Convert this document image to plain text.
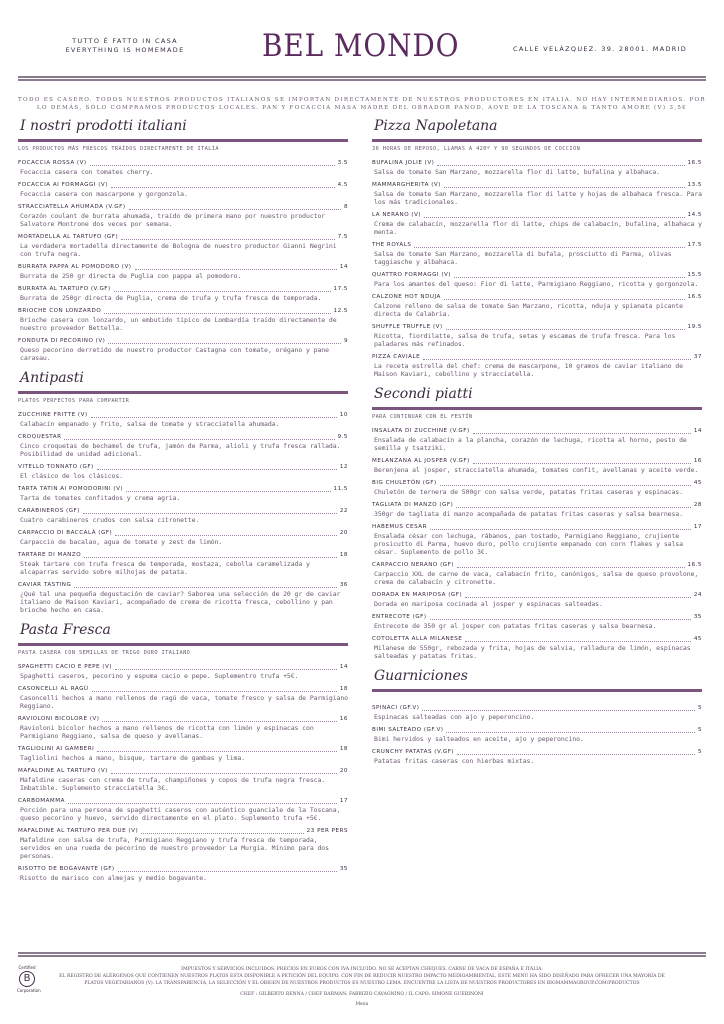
TUTTO È FATTO IN CASA
EVERYTHING IS HOMEMADE	BEL MONDO	CALLE VELÁZQUEZ. 39. 28001. MADRID
TODO ES CASERO. TODOS NUESTROS PRODUCTOS ITALIANOS SE IMPORTAN DIRECTAMENTE DE NUESTROS PRODUCTORES EN ITALIA. NO HAY INTERMEDIARIOS. POR LO DEMÁS, SÓLO COMPRAMOS PRODUCTOS LOCALES. PAN Y FOCACCIA MASA MADRE DEL OBRADOR PANOD, AOVE DE LA TOSCANA & TANTO AMORE (V) 3,5€
I nostri prodotti italiani
LOS PRODUCTOS MÁS FRESCOS TRAÍDOS DIRECTAMENTE DE ITALIA
FOCACCIA ROSSA (V)	3.5
Focaccia casera con tomates cherry.
FOCACCIA AI FORMAGGI (V)	4.5
Focaccia casera con mascarpone y gorgonzola.
STRACCIATELLA AHUMADA (V.GF)	8
Corazón coulant de burrata ahumada, traído de primera mano por nuestro productor Salvatore Montrone dos veces por semana.
MORTADELLA AL TARTUFO (GF)	7.5
La verdadera mortadella directamente de Bologna de nuestro productor Gianni Negrini con trufa negra.
BURRATA PAPPA AL POMODORO (V)	14
Burrata de 250 gr directa de Puglia con pappa al pomodoro.
BURRATA AL TARTUFO (V.GF)	17.5
Burrata de 250gr directa de Puglia, crema de trufa y trufa fresca de temporada.
BRIOCHE CON LONZARDO	12.5
Brioche casera con lonzardo, un embutido típico de Lombardía traído directamente de nuestro proveedor Bettella.
FONDUTA DI PECORINO (V)	9
Queso pecorino derretido de nuestro productor Castagna con tomate, orégano y pane carasau.
Antipasti
PLATOS PERFECTOS PARA COMPARTIR
ZUCCHINE FRITTE (V)	10
Calabacín empanado y frito, salsa de tomate y stracciatella ahumada.
CROQUESTAR	9.5
Cinco croquetas de bechamel de trufa, jamón de Parma, alioli y trufa fresca rallada. Posibilidad de unidad adicional.
VITELLO TONNATO (GF)	12
El clásico de los clásicos.
TARTA TATIN AI POMODORINI (V)	11.5
Tarta de tomates confitados y crema agria.
CARABINEROS (GF)	22
Cuatro carabineros crudos con salsa citronette.
CARPACCIO DI BACCALÀ (GF)	20
Carpaccio de bacalao, agua de tomate y zest de limón.
TARTARE DI MANZO	18
Steak tartare con trufa fresca de temporada, mostaza, cebolla caramelizada y alcaparras servido sobre milhojas de patata.
CAVIAR TASTING	36
¿Qué tal una pequeña degustación de caviar? Saborea una selección de 20 gr de caviar italiano de Maison Kaviari, acompañado de crema de ricotta fresca, cebollino y pan brioche hecho en casa.
Pasta Fresca
PASTA CASERA CON SEMILLAS DE TRIGO DURO ITALIANO
SPAGHETTI CACIO E PEPE (V)	14
Spaghetti caseros, pecorino y espuma cacio e pepe. Suplementro trufa +5€.
CASONCELLI AL RAGÙ	18
Casoncelli hechos a mano rellenos de ragú de vaca, tomate fresco y salsa de Parmigiano Reggiano.
RAVIOLONI BICOLORE (V)	16
Ravioloni bicolor hechos a mano rellenos de ricotta con limón y espinacas con Parmigiano Reggiano, salsa de queso y avellanas.
TAGLIOLINI AI GAMBERI	18
Tagliolini hechos a mano, bisque, tartare de gambas y lima.
MAFALDINE AL TARTUFO (V)	20
Mafaldine caseras con crema de trufa, champiñones y copos de trufa negra fresca. Imbatible. Suplemento stracciatella 3€.
CARBOMAMMA	17
Porción para una persona de spaghetti caseros con auténtico guanciale de la Toscana, queso pecorino y huevo, servido directamente en el plato. Suplemento trufa +5€.
MAFALDINE AL TARTUFO PER DUE (V)	23 PER PERS
Mafaldine con salsa de trufa, Parmigiano Reggiano y trufa fresca de temporada, servidos en una rueda de pecorino de nuestro proveedor La Murgia. Mínimo para dos personas.
RISOTTO DE BOGAVANTE (GF)	35
Risotto de marisco con almejas y medio bogavante.
Pizza Napoletana
36 HORAS DE REPOSO, LLAMAS A 420º Y 90 SEGUNDOS DE COCCIÓN
BUFALINA JOLIE (V)	16.5
Salsa de tomate San Marzano, mozzarella flor di latte, bufalina y albahaca.
MAMMARGHERITA (V)	13.5
Salsa de tomate San Marzano, mozzarella flor di latte y hojas de albahaca fresca. Para los más tradicionales.
LA NERANO (V)	14.5
Crema de calabacín, mozzarella flor di latte, chips de calabacín, bufalina, albahaca y menta.
THE ROYALS	17.5
Salsa de tomate San Marzano, mozzarella di bufala, prosciutto di Parma, olivas taggiasche y albahaca.
QUATTRO FORMAGGI (V)	15.5
Para los amantes del queso: Fior di latte, Parmigiano Reggiano, ricotta y gorgonzola.
CALZONE HOT NDUJA	16.5
Calzone relleno de salsa de tomate San Marzano, ricotta, nduja y spianata picante directa de Calabria.
SHUFFLE TRUFFLE (V)	19.5
Ricotta, fiordilatte, salsa de trufa, setas y escamas de trufa fresca. Para los paladares más refinados.
PIZZA CAVIALE	37
La receta estrella del chef: crema de mascarpone, 10 gramos de caviar italiano de Maison Kaviari, cebollino y stracciatella.
Secondi piatti
PARA CONTINUAR CON EL FESTÍN
INSALATA DI ZUCCHINE (V.GF)	14
Ensalada de calabacín a la plancha, corazón de lechuga, ricotta al horno, pesto de semilla y tsatziki.
MELANZANA AL JOSPER (V.GF)	16
Berenjena al josper, stracciatella ahumada, tomates confit, avellanas y aceite verde.
BIG CHULETÓN (GF)	45
Chuletón de ternera de 500gr con salsa verde, patatas fritas caseras y espinacas.
TAGLIATA DI MANZO (GF)	28
350gr de tagliata di manzo acompañada de patatas fritas caseras y salsa bearnesa.
HABEMUS CESAR	17
Ensalada césar con lechuga, rábanos, pan tostado, Parmigiano Reggiano, crujiente prosicutto di Parma, huevo duro, pollo crujiente empanado con corn flakes y salsa césar. Suplemento de pollo 3€.
CARPACCIO NERANO (GF)	16.5
Carpaccio XXL de carne de vaca, calabacín frito, canónigos, salsa de queso provolone, crema de calabacín y citronette.
DORADA EN MARIPOSA (GF)	24
Dorada en mariposa cocinada al josper y espinacas salteadas.
ENTRECOTE (GF)	35
Entrecote de 350 gr al josper con patatas fritas caseras y salsa bearnesa.
COTOLETTA ALLA MILANESE	45
Milanese de 550gr, rebozada y frita, hojas de salvia, ralladura de limón, espinacas salteadas y patatas fritas.
Guarniciones
SPINACI (GF.V)	5
Espinacas salteadas con ajo y peperoncino.
BIMI SALTEADO (GF.V)	5
Bimi hervidos y salteados en aceite, ajo y peperoncino.
CRUNCHY PATATAS (V.GF)	5
Patatas fritas caseras con hierbas mixtas.
Certified
B
Corporation
IMPUESTOS Y SERVICIOS INCLUIDOS. PRECIOS EN EUROS CON IVA INCLUIDO. NO SE ACEPTAN CHEQUES. CARNE DE VACA DE ESPAÑA E ITALIA.
EL REGISTRO DE ALÉRGENOS QUE CONTIENEN NUESTROS PLATOS ESTÁ DISPONIBLE A PETICIÓN DEL EQUIPO. CON FIN DE REDUCIR NUESTRO IMPACTO MEDIOAMBIENTAL, ESTE MENÚ HA SIDO DISEÑADO PARA OFRECER UNA MAYORÍA DE PLATOS VEGETARIANOS (V). LA TRANSPARENCIA, LA SELECCIÓN Y EL ORIGEN DE NUESTROS PRODUCTOS ES NUESTRO LEMA. ENCUENTRE LA LISTA DE NUESTROS PRODUCTORES EN BIGMAMMAGROUP.COM/PRODUCTOS
CHEF : GILBERTO RENNA / CHEF BARMAN: FABRIZIO CAVAGNINO / IL CAPO: SIMONE GUERINONI
Menu
